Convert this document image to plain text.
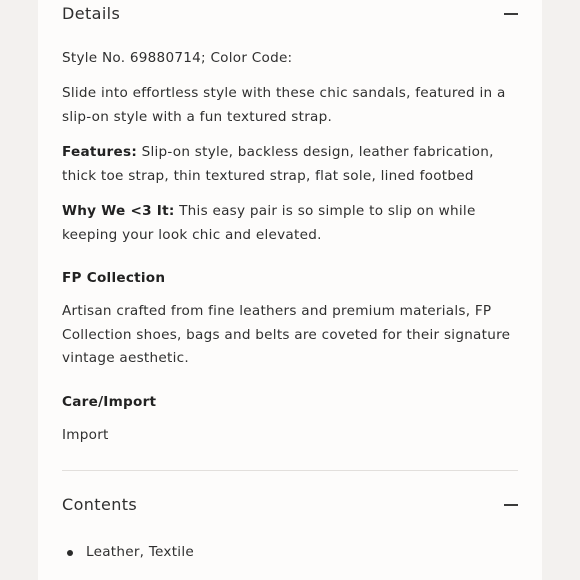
Details

Style No. 69880714; Color Code:

Slide into effortless style with these chic sandals, featured in a slip-on style with a fun textured strap.

Features: Slip-on style, backless design, leather fabrication, thick toe strap, thin textured strap, flat sole, lined footbed

Why We <3 It: This easy pair is so simple to slip on while keeping your look chic and elevated.

FP Collection

Artisan crafted from fine leathers and premium materials, FP Collection shoes, bags and belts are coveted for their signature vintage aesthetic.

Care/Import

Import

Contents
Leather, Textile
